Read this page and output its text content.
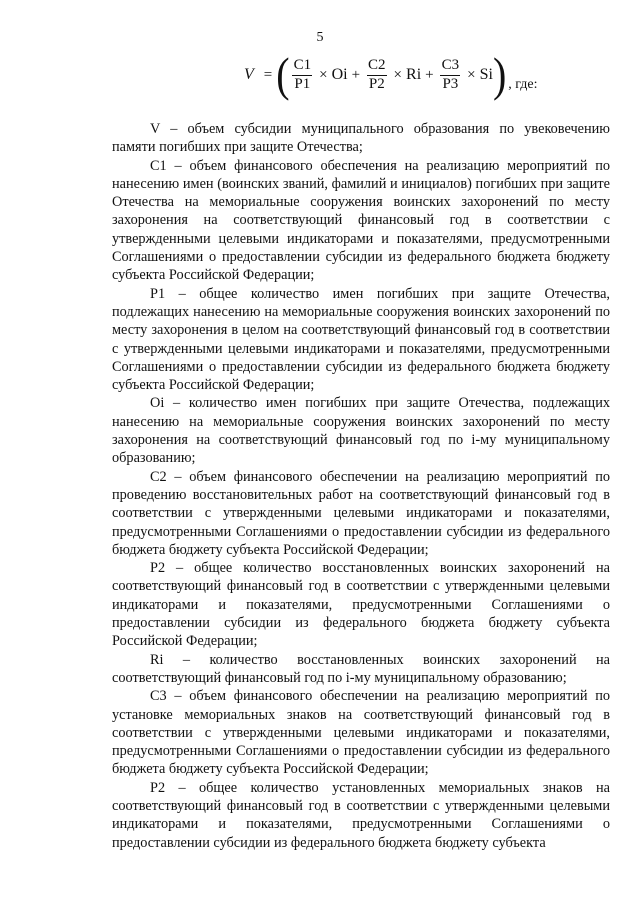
5
V = ( $\frac{C1}{P1} \times Oi + \frac{C2}{P2} \times Ri + \frac{C3}{P3} \times Si$ ) , где:

V – объем субсидии муниципального образования по увековечению памяти погибших при защите Отечества;

C1 – объем финансового обеспечения на реализацию мероприятий по нанесению имен (воинских званий, фамилий и инициалов) погибших при защите Отечества на мемориальные сооружения воинских захоронений по месту захоронения на соответствующий финансовый год в соответствии с утвержденными целевыми индикаторами и показателями, предусмотренными Соглашениями о предоставлении субсидии из федерального бюджета бюджету субъекта Российской Федерации;

P1 – общее количество имен погибших при защите Отечества, подлежащих нанесению на мемориальные сооружения воинских захоронений по месту захоронения в целом на соответствующий финансовый год в соответствии с утвержденными целевыми индикаторами и показателями, предусмотренными Соглашениями о предоставлении субсидии из федерального бюджета бюджету субъекта Российской Федерации;

Oi – количество имен погибших при защите Отечества, подлежащих нанесению на мемориальные сооружения воинских захоронений по месту захоронения на соответствующий финансовый год по i-му муниципальному образованию;

C2 – объем финансового обеспечении на реализацию мероприятий по проведению восстановительных работ на соответствующий финансовый год в соответствии с утвержденными целевыми индикаторами и показателями, предусмотренными Соглашениями о предоставлении субсидии из федерального бюджета бюджету субъекта Российской Федерации;

P2 – общее количество восстановленных воинских захоронений на соответствующий финансовый год в соответствии с утвержденными целевыми индикаторами и показателями, предусмотренными Соглашениями о предоставлении субсидии из федерального бюджета бюджету субъекта Российской Федерации;

Ri – количество восстановленных воинских захоронений на соответствующий финансовый год по i-му муниципальному образованию;

C3 – объем финансового обеспечении на реализацию мероприятий по установке мемориальных знаков на соответствующий финансовый год в соответствии с утвержденными целевыми индикаторами и показателями, предусмотренными Соглашениями о предоставлении субсидии из федерального бюджета бюджету субъекта Российской Федерации;

P2 – общее количество установленных мемориальных знаков на соответствующий финансовый год в соответствии с утвержденными целевыми индикаторами и показателями, предусмотренными Соглашениями о предоставлении субсидии из федерального бюджета бюджету субъекта
